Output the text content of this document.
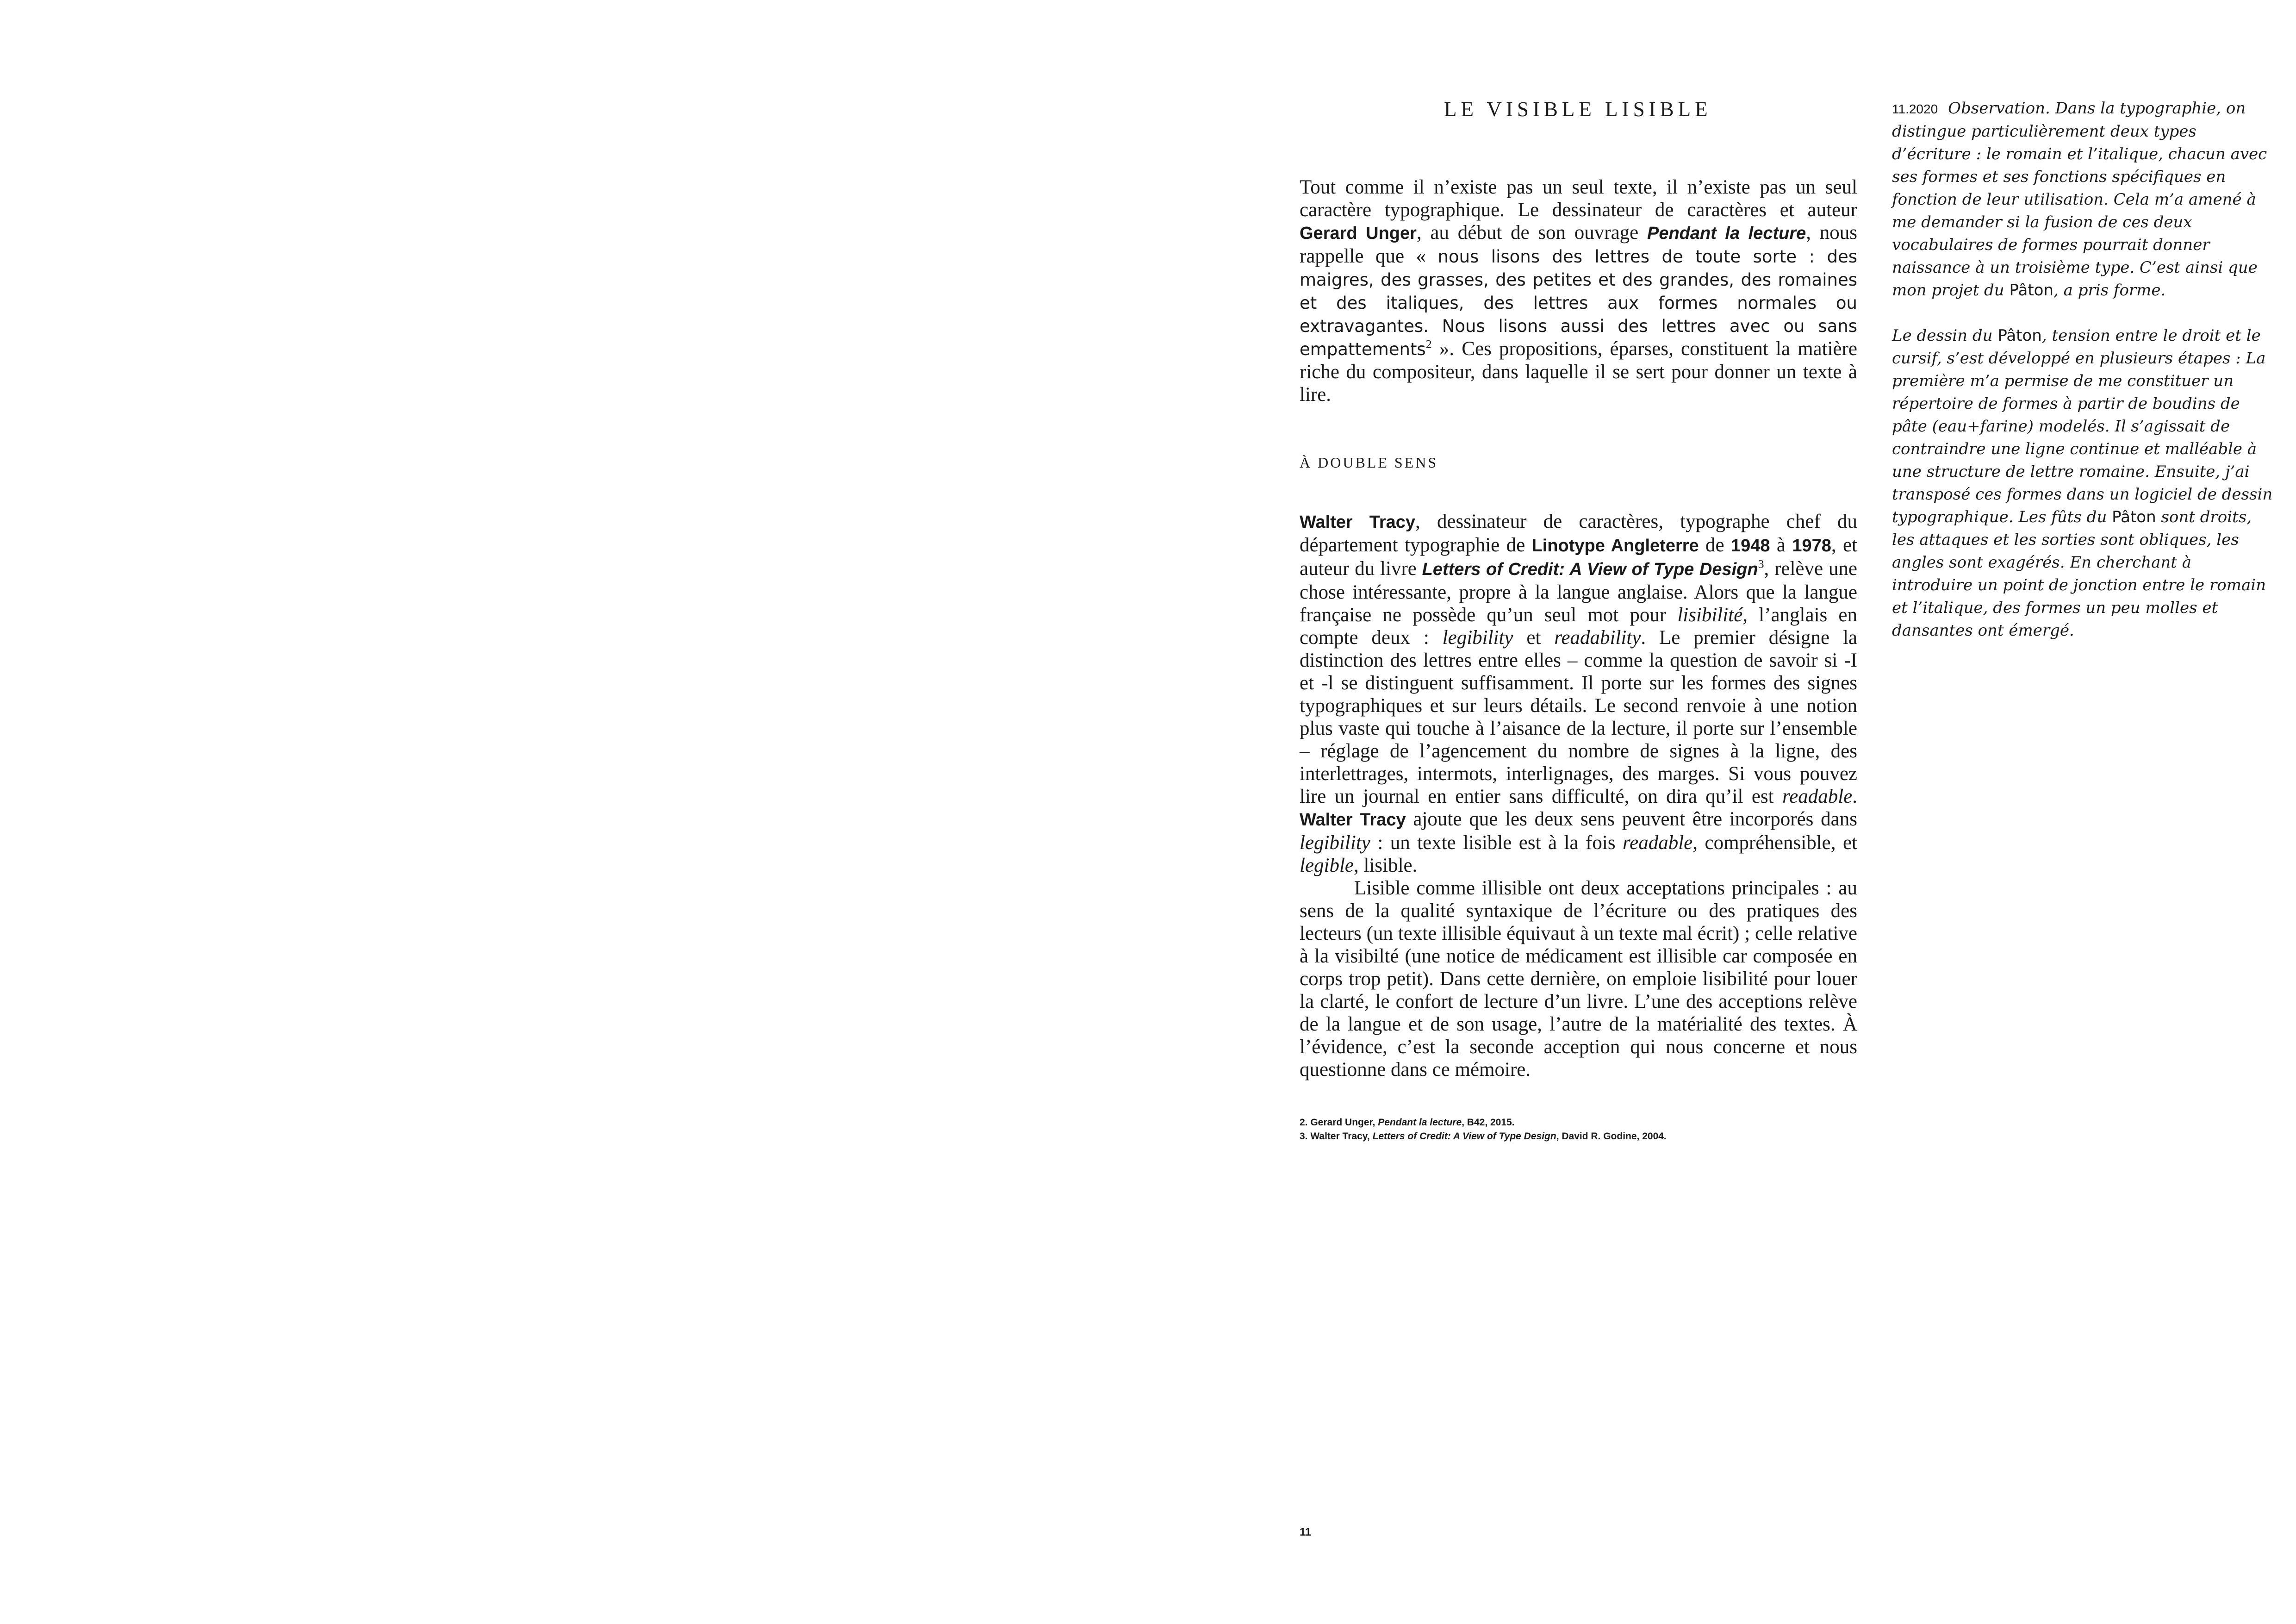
LE VISIBLE LISIBLE

Tout comme il n’existe pas un seul texte, il n’existe pas un seul caractère typographique. Le dessinateur de caractères et auteur Gerard Unger, au début de son ouvrage Pendant la lecture, nous rappelle que « nous lisons des lettres de toute sorte : des maigres, des grasses, des petites et des grandes, des romaines et des italiques, des lettres aux formes normales ou extravagantes. Nous lisons aussi des lettres avec ou sans empattements$^2$ ». Ces propositions, éparses, constituent la matière riche du compositeur, dans laquelle il se sert pour donner un texte à lire.

À DOUBLE SENS

Walter Tracy, dessinateur de caractères, typographe chef du département typographie de Linotype Angleterre de 1948 à 1978, et auteur du livre Letters of Credit: A View of Type Design$^3$, relève une chose intéressante, propre à la langue anglaise. Alors que la langue française ne possède qu’un seul mot pour lisibilité, l’anglais en compte deux : legibility et readability. Le premier désigne la distinction des lettres entre elles – comme la question de savoir si -I et -l se distinguent suffisamment. Il porte sur les formes des signes typographiques et sur leurs détails. Le second renvoie à une notion plus vaste qui touche à l’aisance de la lecture, il porte sur l’ensemble – réglage de l’agencement du nombre de signes à la ligne, des interlettrages, intermots, interlignages, des marges. Si vous pouvez lire un journal en entier sans difficulté, on dira qu’il est readable. Walter Tracy ajoute que les deux sens peuvent être incorporés dans legibility : un texte lisible est à la fois readable, compréhensible, et legible, lisible.

Lisible comme illisible ont deux acceptations principales : au sens de la qualité syntaxique de l’écriture ou des pratiques des lecteurs (un texte illisible équivaut à un texte mal écrit) ; celle relative à la visibilté (une notice de médicament est illisible car composée en corps trop petit). Dans cette dernière, on emploie lisibilité pour louer la clarté, le confort de lecture d’un livre. L’une des acceptions relève de la langue et de son usage, l’autre de la matérialité des textes. À l’évidence, c’est la seconde acception qui nous concerne et nous questionne dans ce mémoire.

11.2020 Observation. Dans la typographie, on distingue particulièrement deux types d’écriture : le romain et l’italique, chacun avec ses formes et ses fonctions spécifiques en fonction de leur utilisation. Cela m’a amené à me demander si la fusion de ces deux vocabulaires de formes pourrait donner naissance à un troisième type. C’est ainsi que mon projet du Pâton, a pris forme.

Le dessin du Pâton, tension entre le droit et le cursif, s’est développé en plusieurs étapes : La première m’a permise de me constituer un répertoire de formes à partir de boudins de pâte (eau+farine) modelés. Il s’agissait de contraindre une ligne continue et malléable à une structure de lettre romaine. Ensuite, j’ai transposé ces formes dans un logiciel de dessin typographique. Les fûts du Pâton sont droits, les attaques et les sorties sont obliques, les angles sont exagérés. En cherchant à introduire un point de jonction entre le romain et l’italique, des formes un peu molles et dansantes ont émergé.

2. Gerard Unger, Pendant la lecture, B42, 2015.
3. Walter Tracy, Letters of Credit: A View of Type Design, David R. Godine, 2004.
11
